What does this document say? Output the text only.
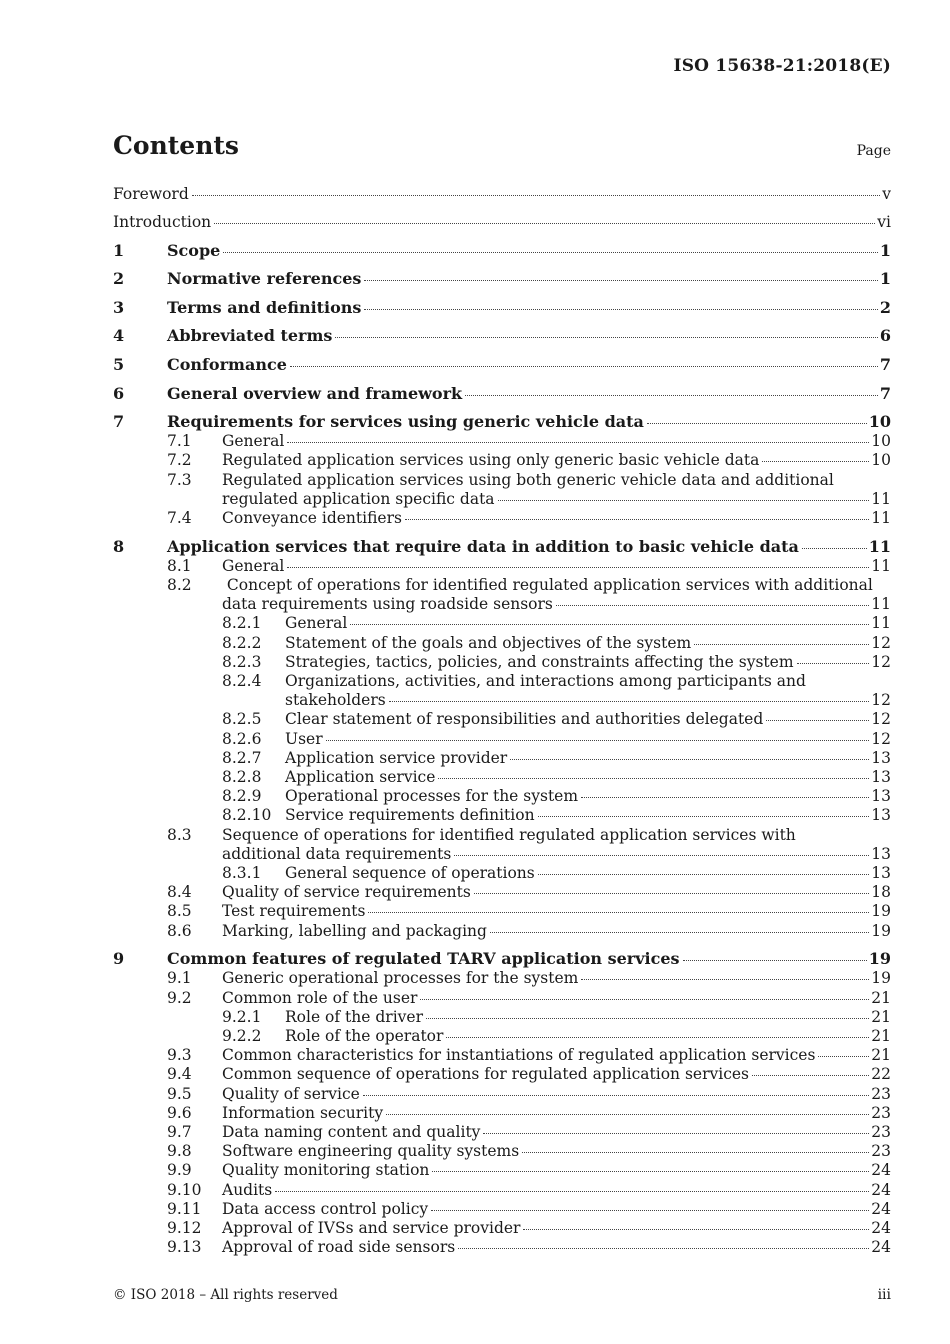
ISO 15638-21:2018(E)
Contents	Page
Foreword	v
Introduction	vi
1	Scope	1
2	Normative references	1
3	Terms and definitions	2
4	Abbreviated terms	6
5	Conformance	7
6	General overview and framework	7
7	Requirements for services using generic vehicle data	10
7.1 General	10
7.2 Regulated application services using only generic basic vehicle data	10
7.3 Regulated application services using both generic vehicle data and additional
regulated application specific data	11
7.4 Conveyance identifiers	11
8	Application services that require data in addition to basic vehicle data	11
8.1 General	11
8.2 Concept of operations for identified regulated application services with additional
data requirements using roadside sensors	11
8.2.1 General	11
8.2.2 Statement of the goals and objectives of the system	12
8.2.3 Strategies, tactics, policies, and constraints affecting the system	12
8.2.4 Organizations, activities, and interactions among participants and
stakeholders	12
8.2.5 Clear statement of responsibilities and authorities delegated	12
8.2.6 User	12
8.2.7 Application service provider	13
8.2.8 Application service	13
8.2.9 Operational processes for the system	13
8.2.10 Service requirements definition	13
8.3 Sequence of operations for identified regulated application services with
additional data requirements	13
8.3.1 General sequence of operations	13
8.4 Quality of service requirements	18
8.5 Test requirements	19
8.6 Marking, labelling and packaging	19
9	Common features of regulated TARV application services	19
9.1 Generic operational processes for the system	19
9.2 Common role of the user	21
9.2.1 Role of the driver	21
9.2.2 Role of the operator	21
9.3 Common characteristics for instantiations of regulated application services	21
9.4 Common sequence of operations for regulated application services	22
9.5 Quality of service	23
9.6 Information security	23
9.7 Data naming content and quality	23
9.8 Software engineering quality systems	23
9.9 Quality monitoring station	24
9.10 Audits	24
9.11 Data access control policy	24
9.12 Approval of IVSs and service provider	24
9.13 Approval of road side sensors	24
© ISO 2018 – All rights reserved	iii
